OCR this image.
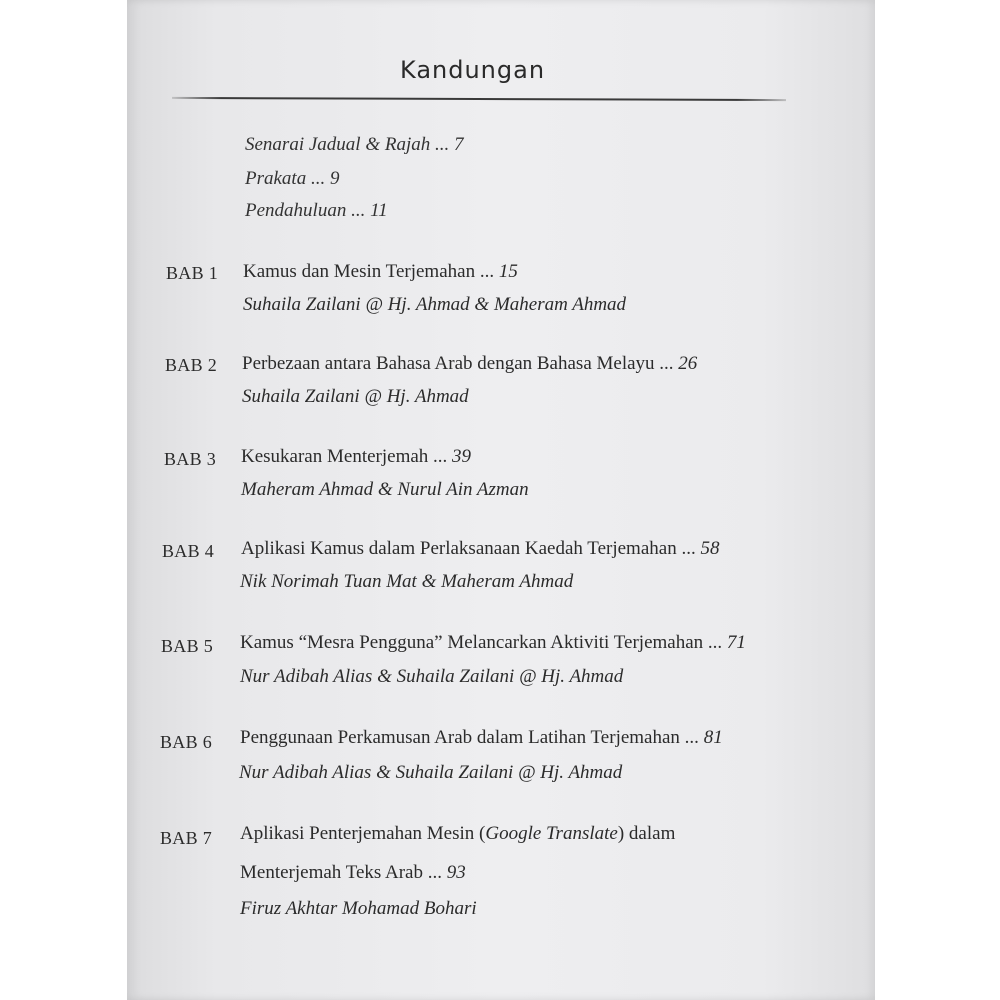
Kandungan
Senarai Jadual & Rajah ... 7
Prakata ... 9
Pendahuluan ... 11
BAB 1 Kamus dan Mesin Terjemahan ... 15
Suhaila Zailani @ Hj. Ahmad & Maheram Ahmad
BAB 2 Perbezaan antara Bahasa Arab dengan Bahasa Melayu ... 26
Suhaila Zailani @ Hj. Ahmad
BAB 3 Kesukaran Menterjemah ... 39
Maheram Ahmad & Nurul Ain Azman
BAB 4 Aplikasi Kamus dalam Perlaksanaan Kaedah Terjemahan ... 58
Nik Norimah Tuan Mat & Maheram Ahmad
BAB 5 Kamus “Mesra Pengguna” Melancarkan Aktiviti Terjemahan ... 71
Nur Adibah Alias & Suhaila Zailani @ Hj. Ahmad
BAB 6 Penggunaan Perkamusan Arab dalam Latihan Terjemahan ... 81
Nur Adibah Alias & Suhaila Zailani @ Hj. Ahmad
BAB 7 Aplikasi Penterjemahan Mesin (Google Translate) dalam
Menterjemah Teks Arab ... 93
Firuz Akhtar Mohamad Bohari
